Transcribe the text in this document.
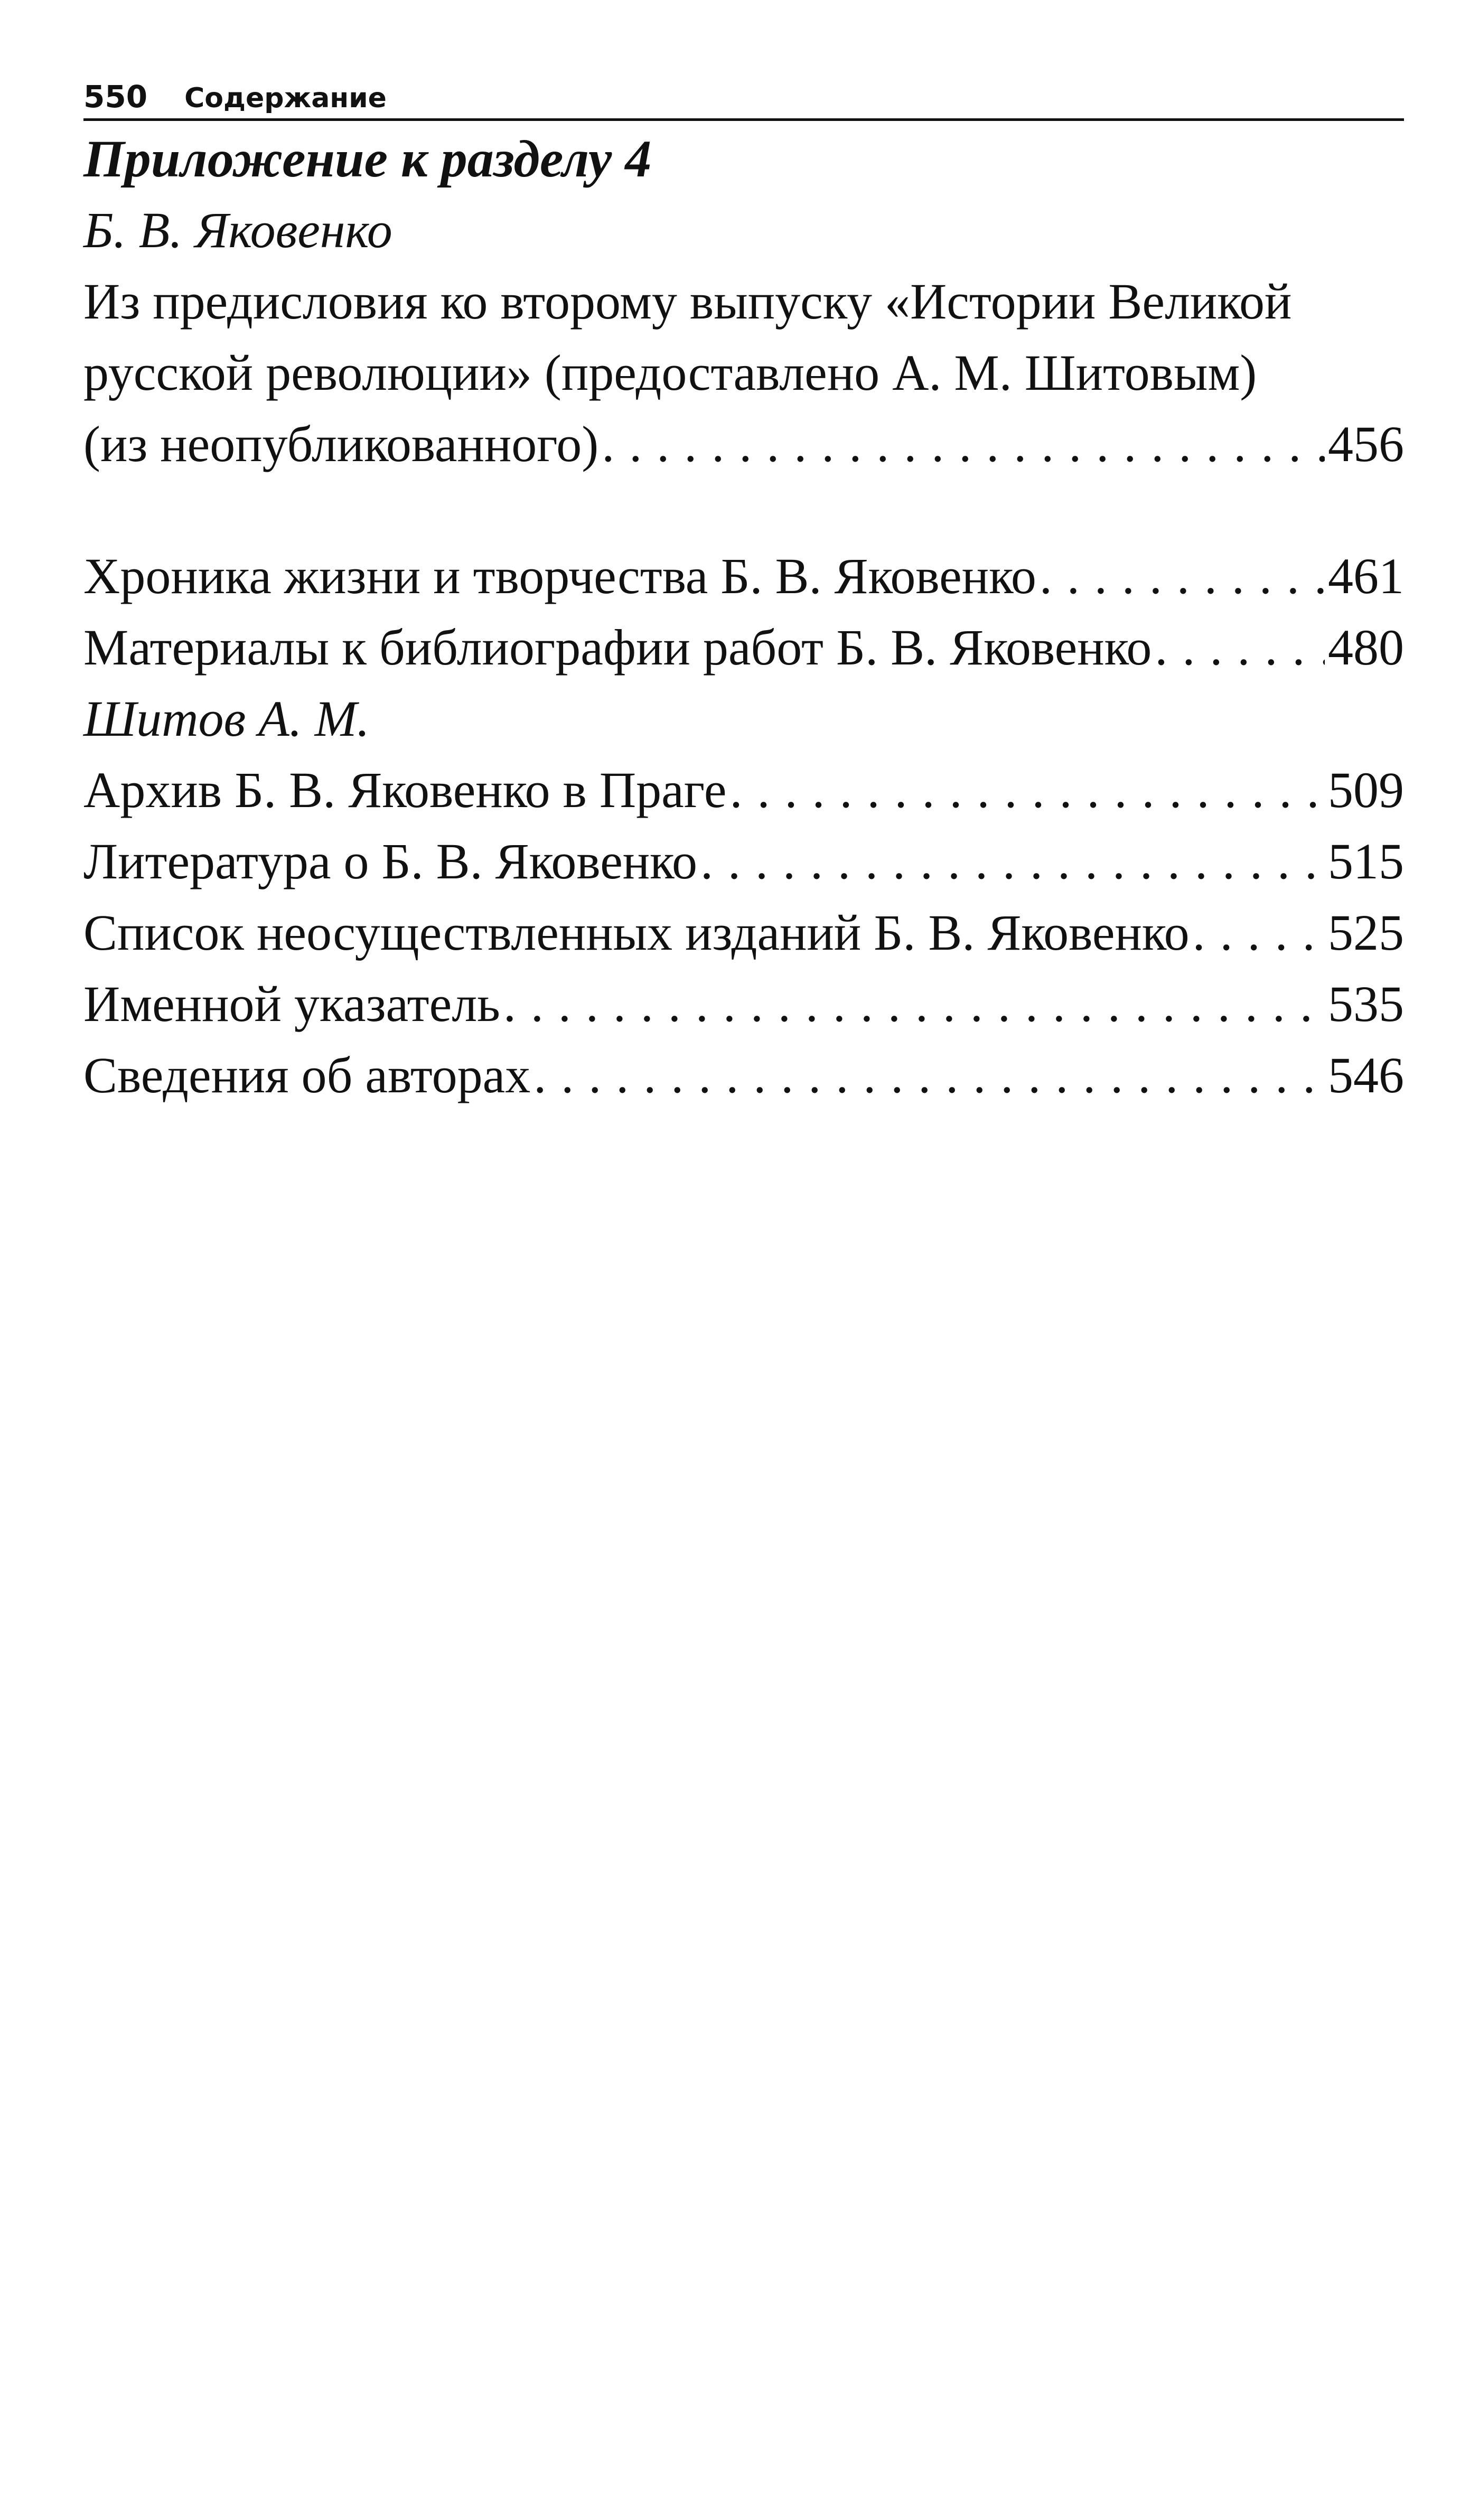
550 Содержание
Приложение к разделу 4
Б. В. Яковенко
Из предисловия ко второму выпуску «Истории Великой
русской революции» (предоставлено А. М. Шитовым)
(из неопубликованного) . . .	456
Хроника жизни и творчества Б. В. Яковенко . . .	461
Материалы к библиографии работ Б. В. Яковенко . . .	480
Шитов А. М.
Архив Б. В. Яковенко в Праге . . .	509
Литература о Б. В. Яковенко . . .	515
Список неосуществленных изданий Б. В. Яковенко . . .	525
Именной указатель . . .	535
Сведения об авторах . . .	546
